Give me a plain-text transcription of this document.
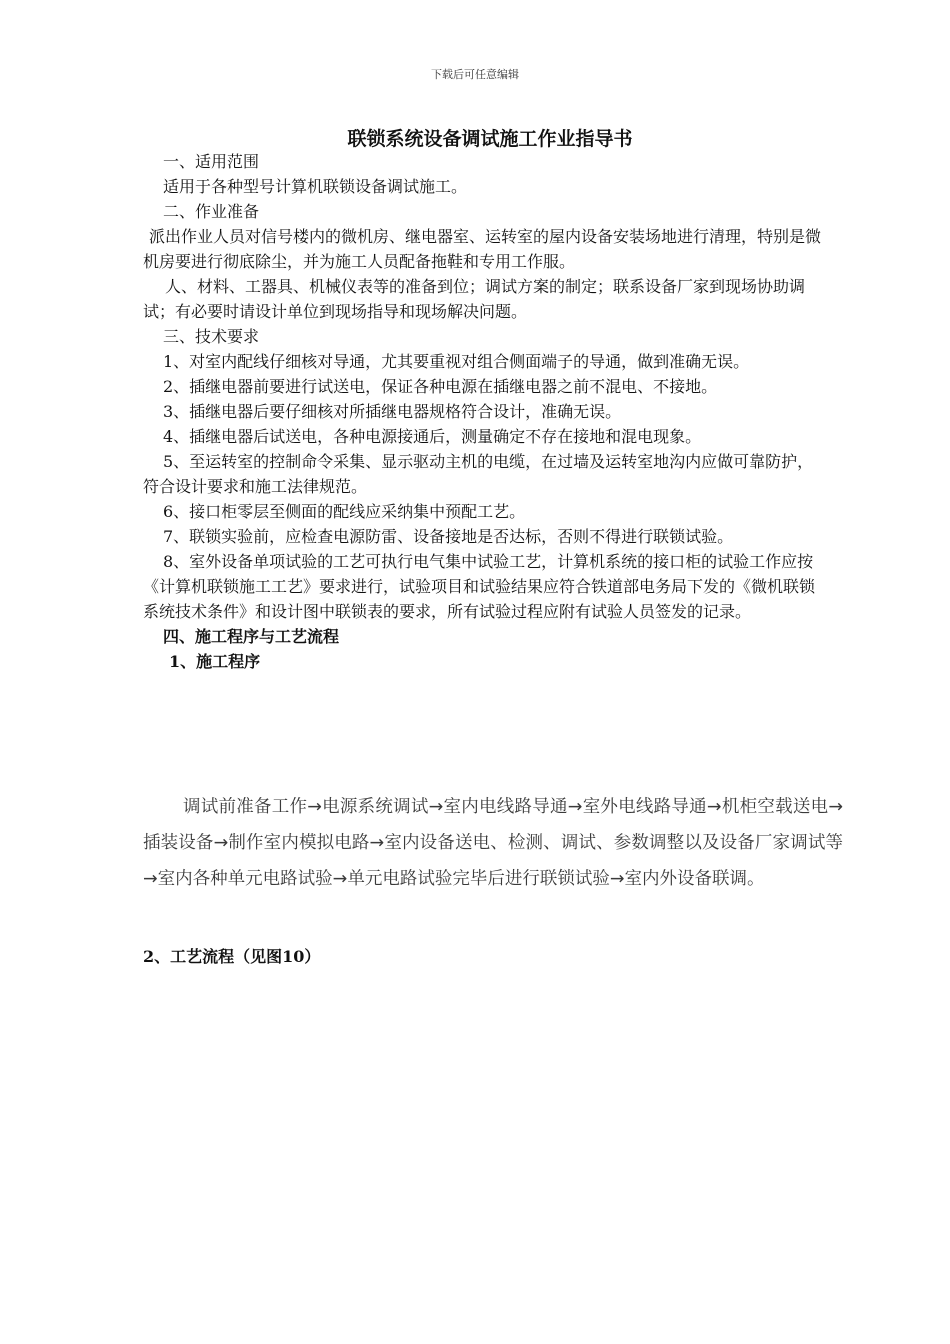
下载后可任意编辑
联锁系统设备调试施工作业指导书

一、适用范围

适用于各种型号计算机联锁设备调试施工。

二、作业准备

派出作业人员对信号楼内的微机房、继电器室、运转室的屋内设备安装场地进行清理，特别是微机房要进行彻底除尘，并为施工人员配备拖鞋和专用工作服。

人、材料、工器具、机械仪表等的准备到位；调试方案的制定；联系设备厂家到现场协助调试；有必要时请设计单位到现场指导和现场解决问题。

三、技术要求

1、对室内配线仔细核对导通，尤其要重视对组合侧面端子的导通，做到准确无误。

2、插继电器前要进行试送电，保证各种电源在插继电器之前不混电、不接地。

3、插继电器后要仔细核对所插继电器规格符合设计，准确无误。

4、插继电器后试送电，各种电源接通后，测量确定不存在接地和混电现象。

5、至运转室的控制命令采集、显示驱动主机的电缆，在过墙及运转室地沟内应做可靠防护，符合设计要求和施工法律规范。

6、接口柜零层至侧面的配线应采纳集中预配工艺。

7、联锁实验前，应检查电源防雷、设备接地是否达标，否则不得进行联锁试验。

8、室外设备单项试验的工艺可执行电气集中试验工艺，计算机系统的接口柜的试验工作应按《计算机联锁施工工艺》要求进行，试验项目和试验结果应符合铁道部电务局下发的《微机联锁系统技术条件》和设计图中联锁表的要求，所有试验过程应附有试验人员签发的记录。

四、施工程序与工艺流程

1、施工程序

调试前准备工作→电源系统调试→室内电线路导通→室外电线路导通→机柜空载送电→插装设备→制作室内模拟电路→室内设备送电、检测、调试、参数调整以及设备厂家调试等→室内各种单元电路试验→单元电路试验完毕后进行联锁试验→室内外设备联调。

2、工艺流程（见图10）
